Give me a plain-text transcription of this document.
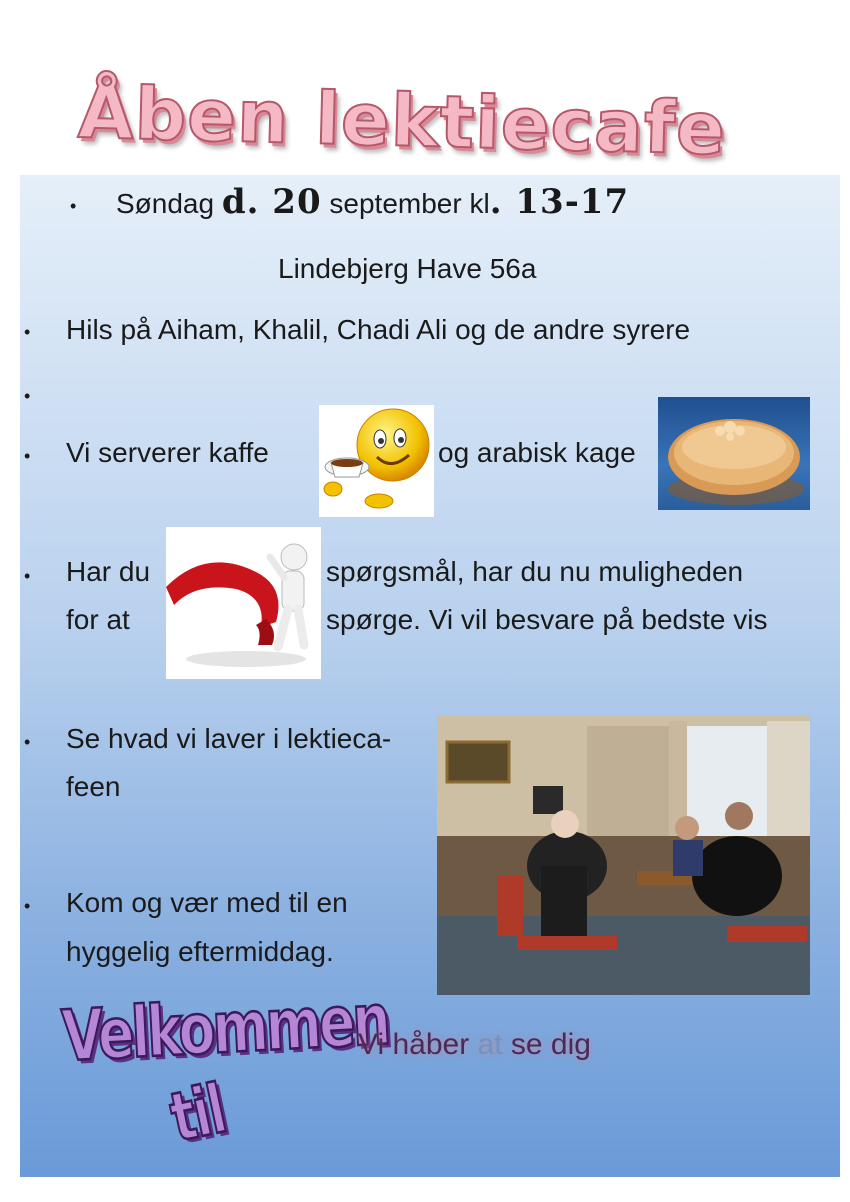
Åben lektiecafe
• Søndag d. 20 september kl. 13-17
Lindebjerg Have 56a
• Hils på Aiham, Khalil, Chadi Ali og de andre syrere
•
• Vi serverer kaffe	og arabisk kage
• Har du
for at
spørgsmål, har du nu muligheden
spørge. Vi vil besvare på bedste vis
• Se hvad vi laver i lektieca-
feen
• Kom og vær med til en
hyggelig eftermiddag.
Velkommen
til
Vi håber at se dig
